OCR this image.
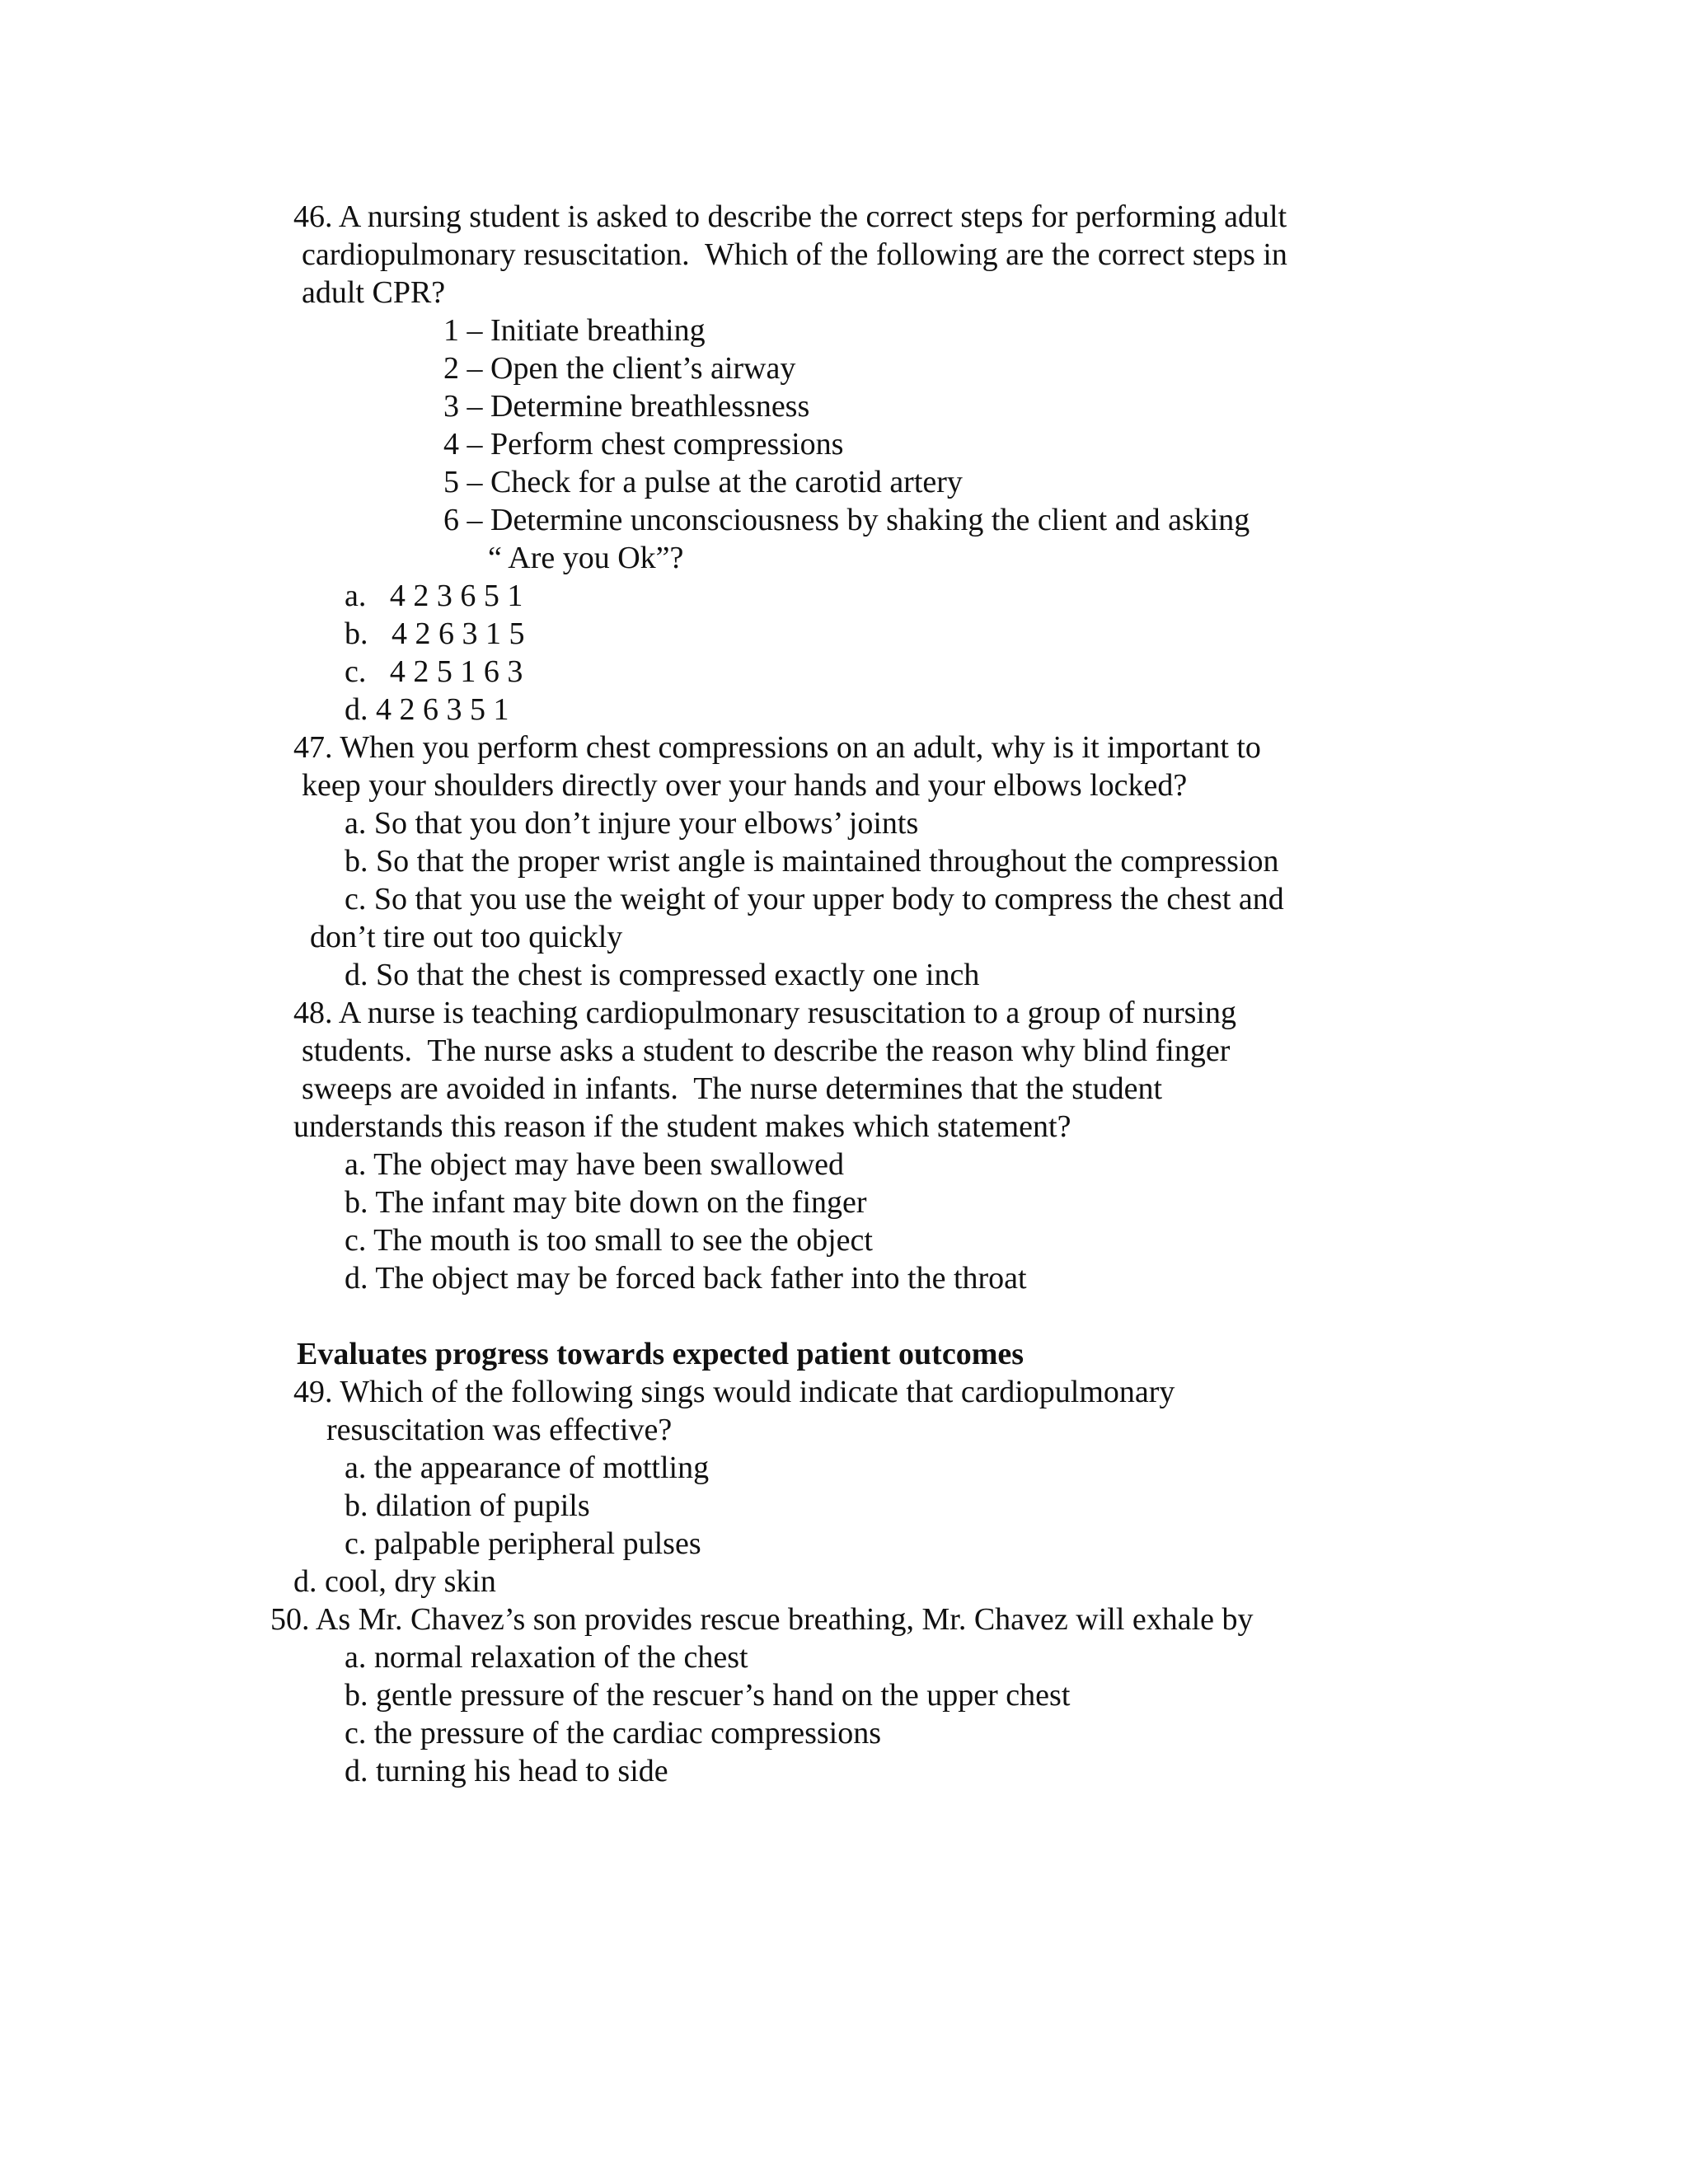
46. A nursing student is asked to describe the correct steps for performing adult
cardiopulmonary resuscitation.  Which of the following are the correct steps in
adult CPR?
1 – Initiate breathing
2 – Open the client’s airway
3 – Determine breathlessness
4 – Perform chest compressions
5 – Check for a pulse at the carotid artery
6 – Determine unconsciousness by shaking the client and asking
“ Are you Ok”?
a.   4 2 3 6 5 1
b.   4 2 6 3 1 5
c.   4 2 5 1 6 3
d. 4 2 6 3 5 1
47. When you perform chest compressions on an adult, why is it important to
keep your shoulders directly over your hands and your elbows locked?
a. So that you don’t injure your elbows’ joints
b. So that the proper wrist angle is maintained throughout the compression
c. So that you use the weight of your upper body to compress the chest and
don’t tire out too quickly
d. So that the chest is compressed exactly one inch
48. A nurse is teaching cardiopulmonary resuscitation to a group of nursing
students.  The nurse asks a student to describe the reason why blind finger
sweeps are avoided in infants.  The nurse determines that the student
understands this reason if the student makes which statement?
a. The object may have been swallowed
b. The infant may bite down on the finger
c. The mouth is too small to see the object
d. The object may be forced back father into the throat
Evaluates progress towards expected patient outcomes
49. Which of the following sings would indicate that cardiopulmonary
resuscitation was effective?
a. the appearance of mottling
b. dilation of pupils
c. palpable peripheral pulses
d. cool, dry skin
50. As Mr. Chavez’s son provides rescue breathing, Mr. Chavez will exhale by
a. normal relaxation of the chest
b. gentle pressure of the rescuer’s hand on the upper chest
c. the pressure of the cardiac compressions
d. turning his head to side
